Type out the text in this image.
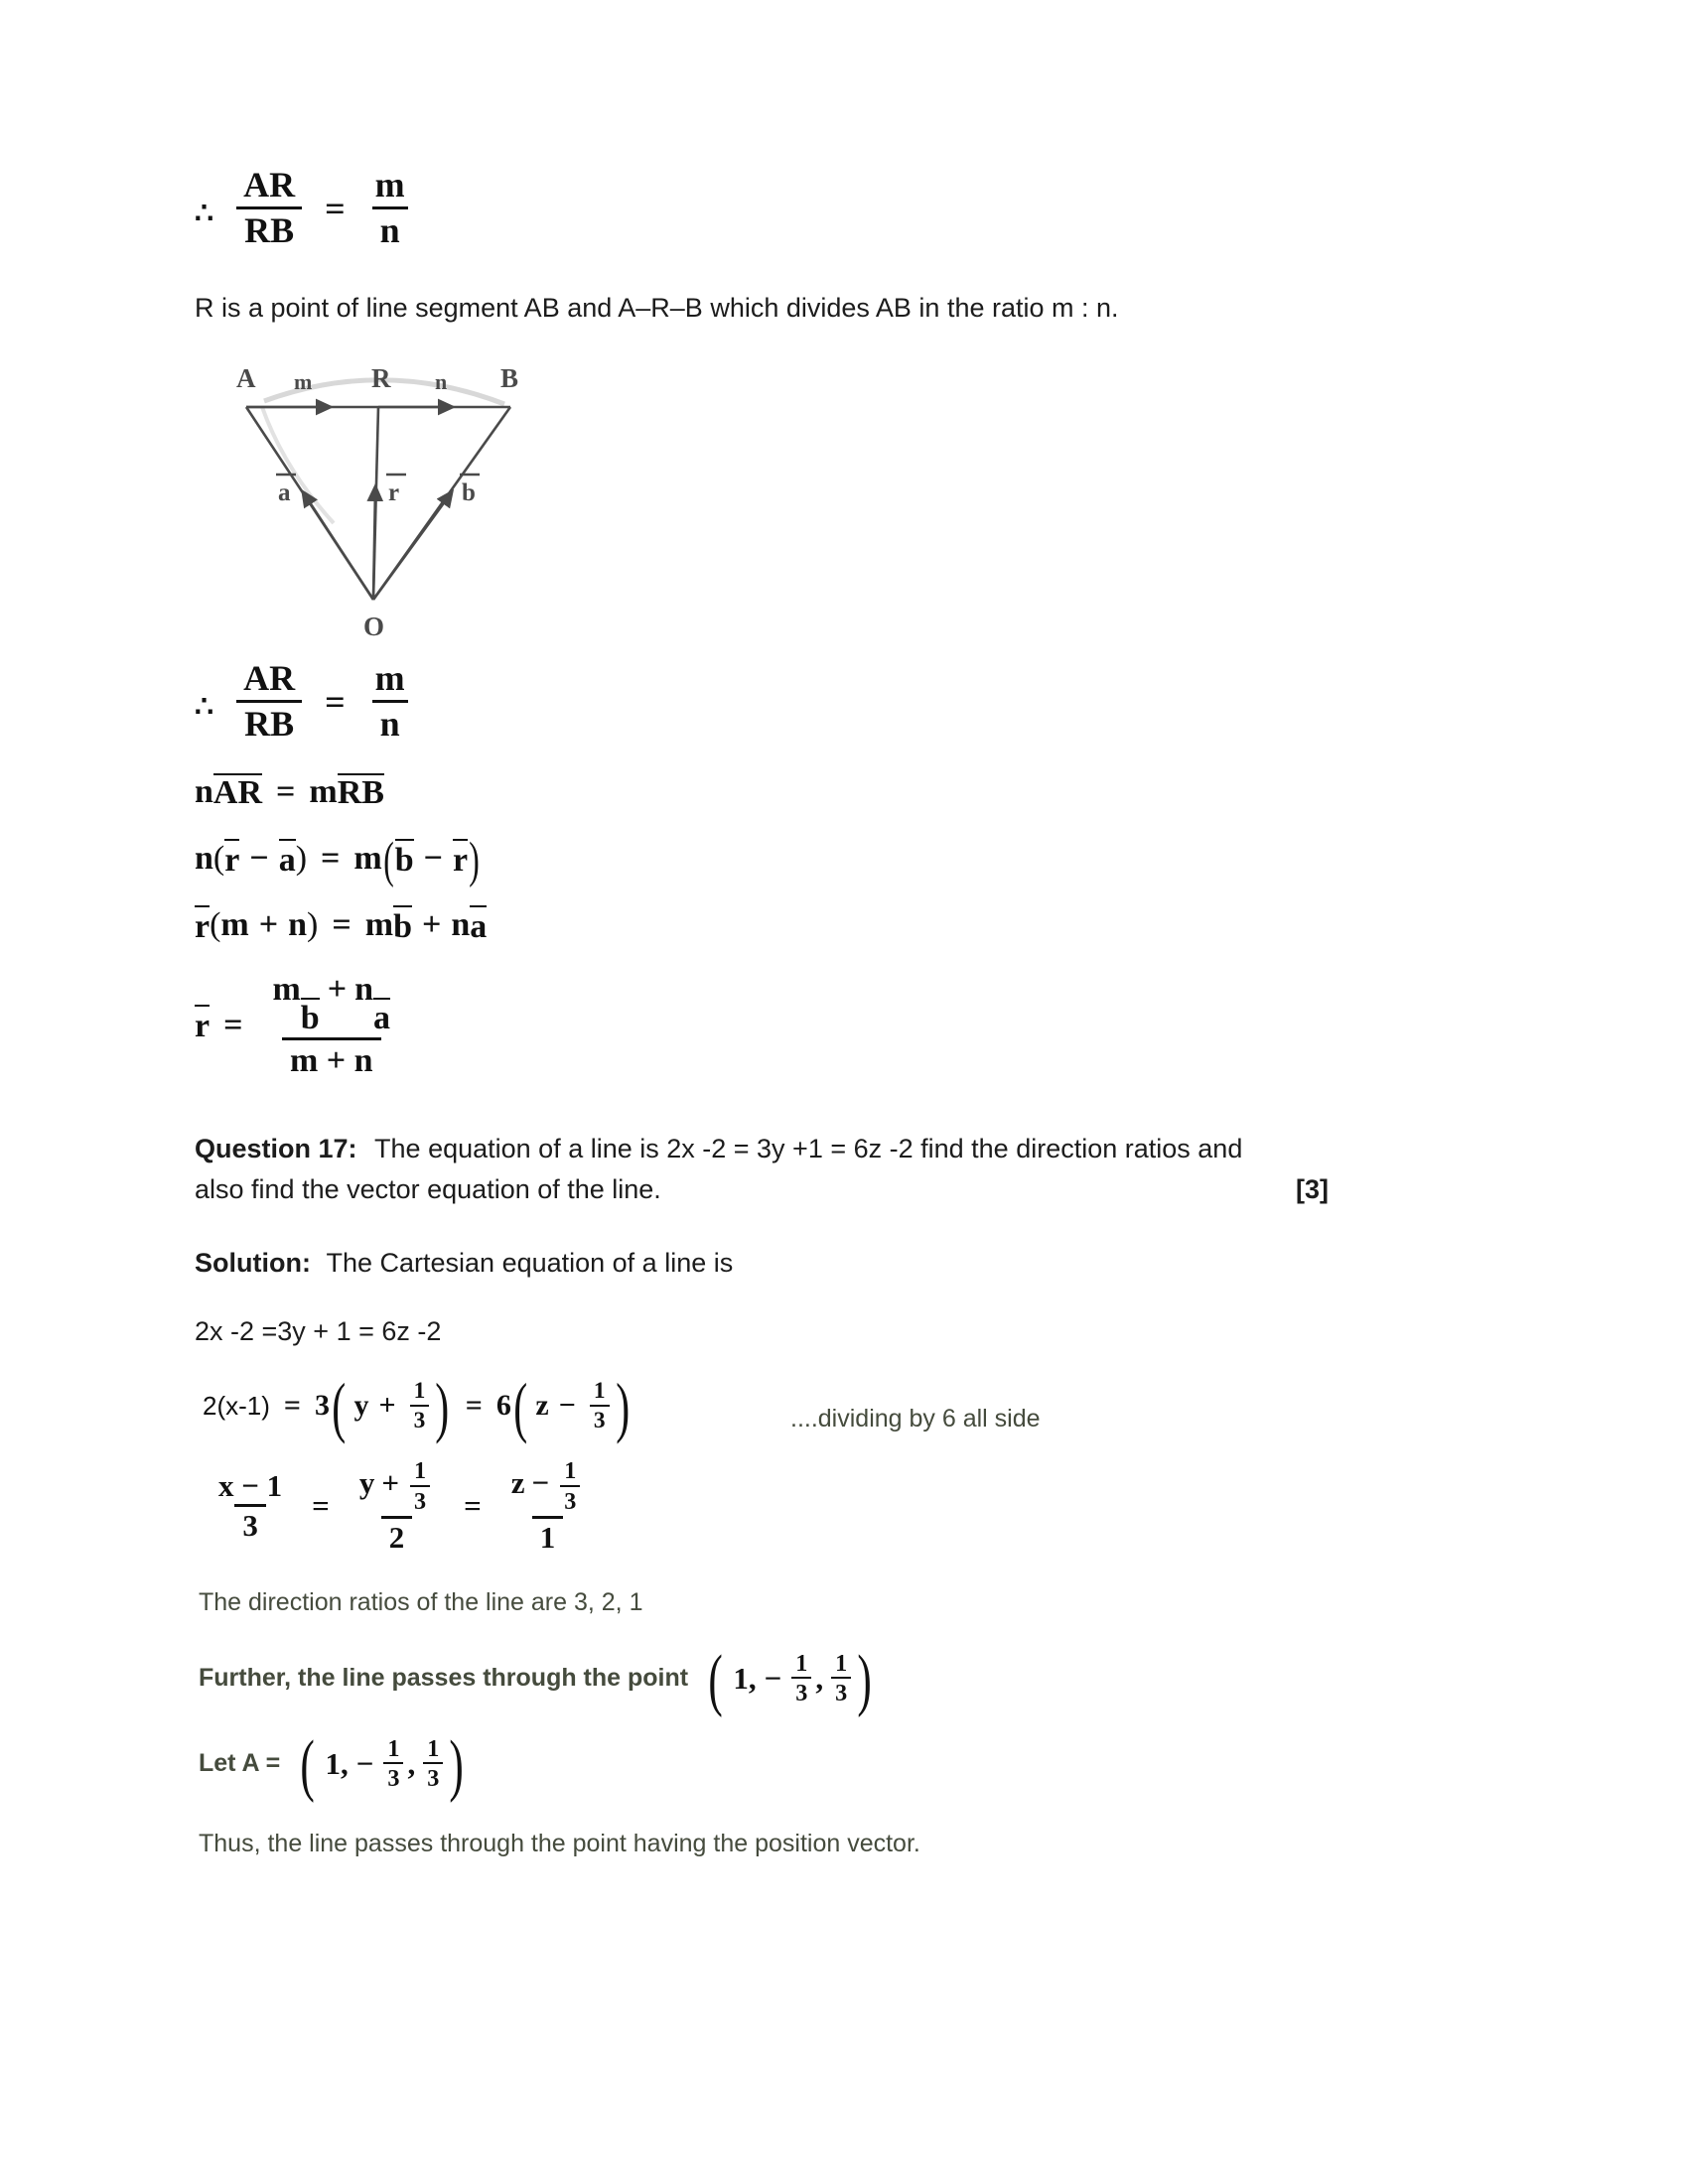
∴ $\frac{AR}{RB} = \frac{m}{n}$
R is a point of line segment AB and A–R–B which divides AB in the ratio m : n.
A m R n B
O
a	r	b
∴ $\frac{AR}{RB} = \frac{m}{n}$
n AR = m RB
n ( r − a ) = m ( b − r )
r ( m + n ) = m b + n a
r = m
b
+ n
a
m + n
Question 17: The equation of a line is 2x -2 = 3y +1 = 6z -2 find the direction ratios and
also find the vector equation of the line.	[3]
Solution: The Cartesian equation of a line is
2x -2 =3y + 1 = 6z -2
2(x-1) = 3 ( $y + \frac{1}{3}$ ) = 6 ( $z - \frac{1}{3}$ )	....dividing by 6 all side
$\frac{x - 1}{3} = \frac{y + \frac{1}{3}}{2} = \frac{z - \frac{1}{3}}{1}$
The direction ratios of the line are 3, 2, 1
Further, the line passes through the point ( 1 , − $\frac{1}{3}$ , $\frac{1}{3}$ )
Let A = ( 1 , − $\frac{1}{3}$ , $\frac{1}{3}$ )
Thus, the line passes through the point having the position vector.
